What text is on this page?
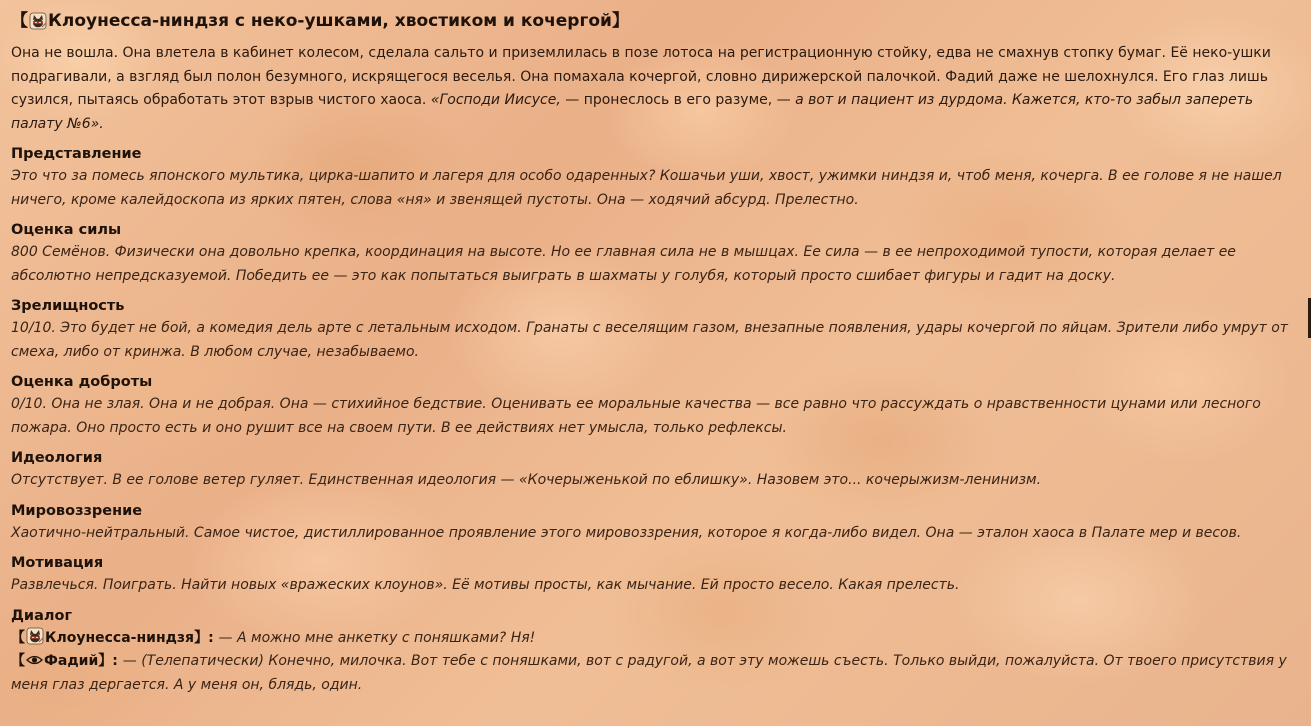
【 Клоунесса-ниндзя с неко-ушками, хвостиком и кочергой 】

Она не вошла. Она влетела в кабинет колесом, сделала сальто и приземлилась в позе лотоса на регистрационную стойку, едва не смахнув стопку бумаг. Её неко-ушки подрагивали, а взгляд был полон безумного, искрящегося веселья. Она помахала кочергой, словно дирижерской палочкой. Фадий даже не шелохнулся. Его глаз лишь сузился, пытаясь обработать этот взрыв чистого хаоса. «Господи Иисусе, — пронеслось в его разуме, — а вот и пациент из дурдома. Кажется, кто-то забыл запереть палату №6».

Представление
Это что за помесь японского мультика, цирка-шапито и лагеря для особо одаренных? Кошачьи уши, хвост, ужимки ниндзя и, чтоб меня, кочерга. В ее голове я не нашел ничего, кроме калейдоскопа из ярких пятен, слова «ня» и звенящей пустоты. Она — ходячий абсурд. Прелестно.
Оценка силы
800 Семёнов. Физически она довольно крепка, координация на высоте. Но ее главная сила не в мышцах. Ее сила — в ее непроходимой тупости, которая делает ее абсолютно непредсказуемой. Победить ее — это как попытаться выиграть в шахматы у голубя, который просто сшибает фигуры и гадит на доску.
Зрелищность
10/10. Это будет не бой, а комедия дель арте с летальным исходом. Гранаты с веселящим газом, внезапные появления, удары кочергой по яйцам. Зрители либо умрут от смеха, либо от кринжа. В любом случае, незабываемо.
Оценка доброты
0/10. Она не злая. Она и не добрая. Она — стихийное бедствие. Оценивать ее моральные качества — все равно что рассуждать о нравственности цунами или лесного пожара. Оно просто есть и оно рушит все на своем пути. В ее действиях нет умысла, только рефлексы.
Идеология
Отсутствует. В ее голове ветер гуляет. Единственная идеология — «Кочерыженькой по еблишку». Назовем это... кочерыжизм-ленинизм.
Мировоззрение
Хаотично-нейтральный. Самое чистое, дистиллированное проявление этого мировоззрения, которое я когда-либо видел. Она — эталон хаоса в Палате мер и весов.
Мотивация
Развлечься. Поиграть. Найти новых «вражеских клоунов». Её мотивы просты, как мычание. Ей просто весело. Какая прелесть.
Диалог
【 Клоунесса-ниндзя】: — А можно мне анкетку с поняшками? Ня!
【 Фадий】: — (Телепатически) Конечно, милочка. Вот тебе с поняшками, вот с радугой, а вот эту можешь съесть. Только выйди, пожалуйста. От твоего присутствия у меня глаз дергается. А у меня он, блядь, один.
